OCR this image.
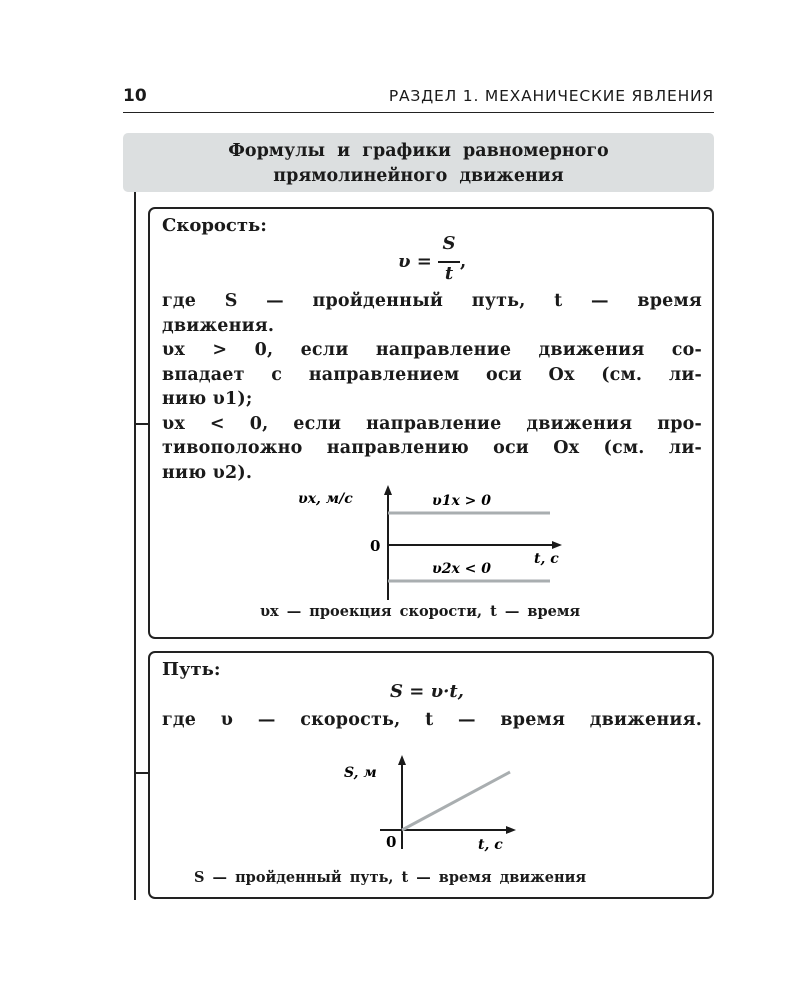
10	РАЗДЕЛ 1. МЕХАНИЧЕСКИЕ ЯВЛЕНИЯ
Формулы и графики равномерного
прямолинейного движения
Скорость:
υ =
S
t
,
где S — пройденный путь, t — время
движения.
υx > 0, если направление движения со-
впадает с направлением оси Ox (см. ли-
нию υ1);
υx < 0, если направление движения про-
тивоположно направлению оси Ox (см. ли-
нию υ2).
υx, м/с
0
t, с
υ1x > 0
υ2x < 0
υx — проекция скорости, t — время
Путь:
S = υ·t,
где υ — скорость, t — время движения.
S, м
0	t, с
S — пройденный путь, t — время движения
